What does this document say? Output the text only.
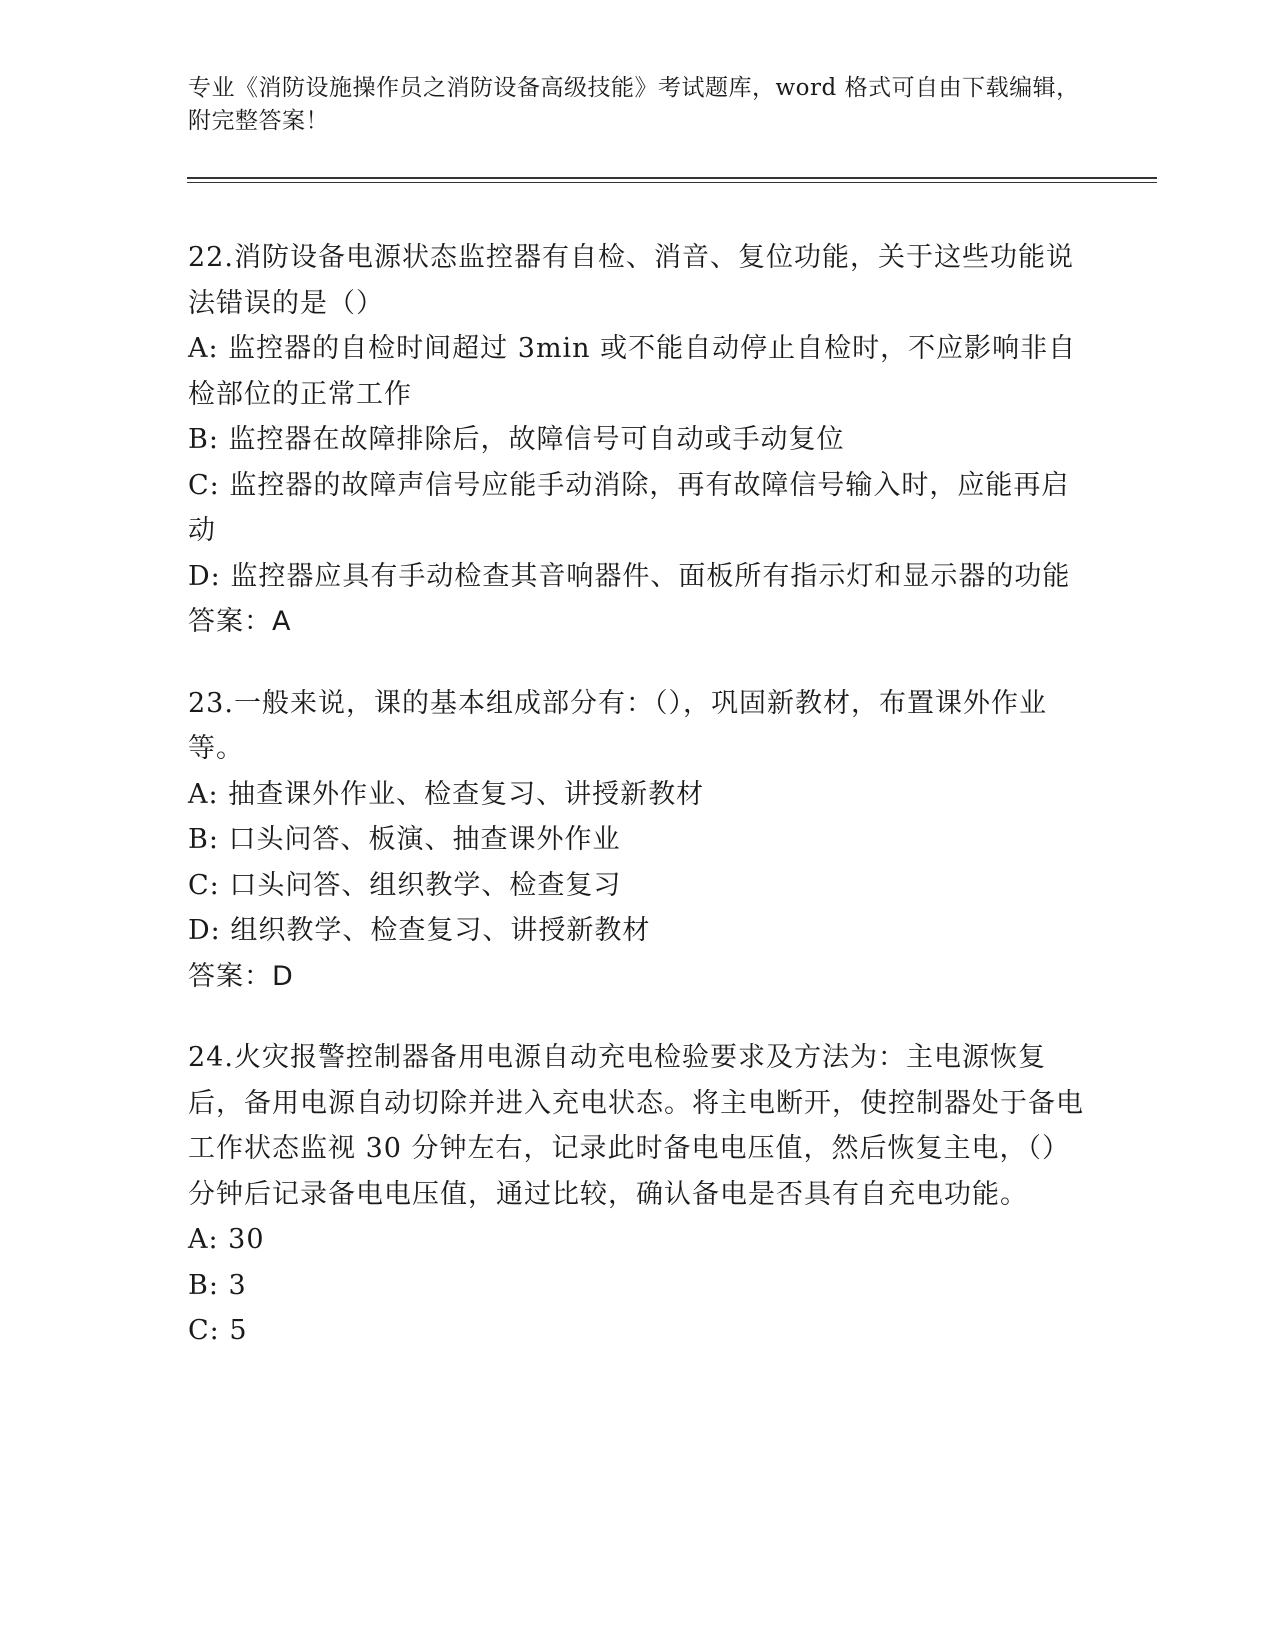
专业《消防设施操作员之消防设备高级技能》考试题库，word 格式可自由下载编辑，附完整答案！

22.消防设备电源状态监控器有自检、消音、复位功能，关于这些功能说法错误的是（）

A: 监控器的自检时间超过 3min 或不能自动停止自检时，不应影响非自检部位的正常工作

B: 监控器在故障排除后，故障信号可自动或手动复位

C: 监控器的故障声信号应能手动消除，再有故障信号输入时，应能再启动

D: 监控器应具有手动检查其音响器件、面板所有指示灯和显示器的功能

答案：A

23.一般来说，课的基本组成部分有：（），巩固新教材，布置课外作业等。

A: 抽查课外作业、检查复习、讲授新教材

B: 口头问答、板演、抽查课外作业

C: 口头问答、组织教学、检查复习

D: 组织教学、检查复习、讲授新教材

答案：D

24.火灾报警控制器备用电源自动充电检验要求及方法为：主电源恢复后，备用电源自动切除并进入充电状态。将主电断开，使控制器处于备电工作状态监视 30 分钟左右，记录此时备电电压值，然后恢复主电，（）分钟后记录备电电压值，通过比较，确认备电是否具有自充电功能。

A: 30

B: 3

C: 5
